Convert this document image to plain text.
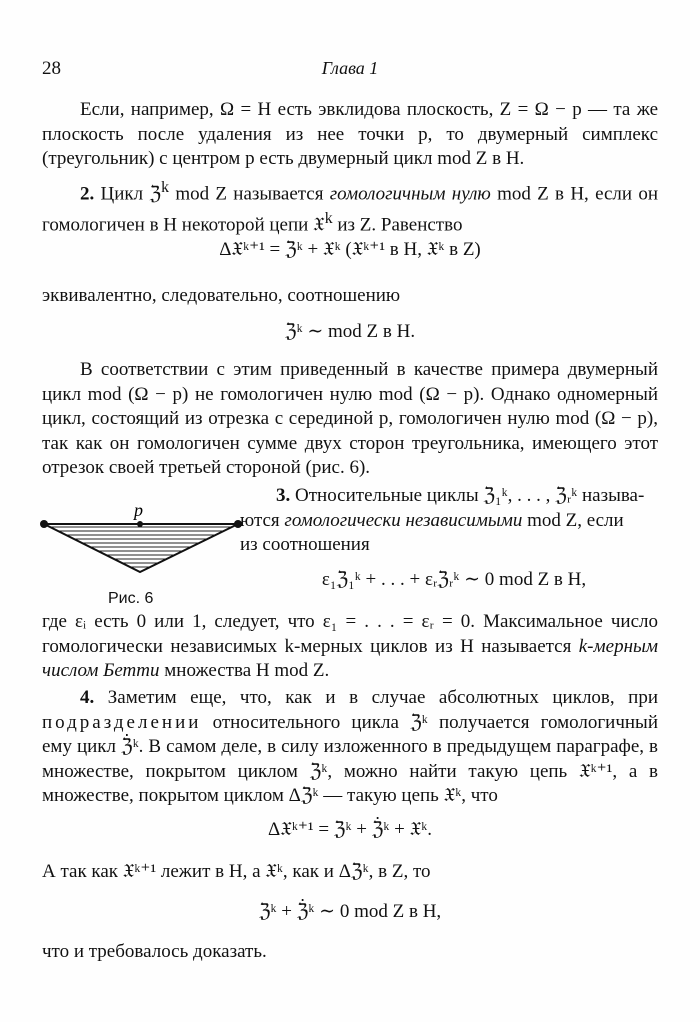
28	Глава 1
Если, например, Ω = H есть эвклидова плоскость, Z = Ω − p — та же плоскость после удаления из нее точки p, то двумерный симплекс (треугольник) с центром p есть двумерный цикл mod Z в H.
2. Цикл ℨ$^k$ mod Z называется гомологичным нулю mod Z в H, если он гомологичен в H некоторой цепи 𝔛$^k$ из Z. Равенство
Δ𝔛ᵏ⁺¹ = ℨᵏ + 𝔛ᵏ (𝔛ᵏ⁺¹ в H, 𝔛ᵏ в Z)
эквивалентно, следовательно, соотношению
ℨᵏ ∼ mod Z в H.
В соответствии с этим приведенный в качестве примера двумерный цикл mod (Ω − p) не гомологичен нулю mod (Ω − p). Однако одномерный цикл, состоящий из отрезка с серединой p, гомологичен нулю mod (Ω − p), так как он гомологичен сумме двух сторон треугольника, имеющего этот отрезок своей третьей стороной (рис. 6).
p
Рис. 6
3. Относительные циклы ℨ₁ᵏ, . . . , ℨᵣᵏ называ-
ются гомологически независимыми mod Z, если
из соотношения
ε₁ℨ₁ᵏ + . . . + εᵣℨᵣᵏ ∼ 0 mod Z в H,
где εᵢ есть 0 или 1, следует, что ε₁ = . . . = εᵣ = 0. Максимальное число гомологически независимых k-мерных циклов из H называется k-мерным числом Бетти множества H mod Z.
4. Заметим еще, что, как и в случае абсолютных циклов, при подразделении относительного цикла ℨᵏ получается гомологичный ему цикл ℨ̇ᵏ. В самом деле, в силу изложенного в предыдущем параграфе, в множестве, покрытом циклом ℨᵏ, можно найти такую цепь 𝔛ᵏ⁺¹, а в множестве, покрытом циклом Δℨᵏ — такую цепь 𝔛ᵏ, что
Δ𝔛ᵏ⁺¹ = ℨᵏ + ℨ̇ᵏ + 𝔛ᵏ.
А так как 𝔛ᵏ⁺¹ лежит в H, а 𝔛ᵏ, как и Δℨᵏ, в Z, то
ℨᵏ + ℨ̇ᵏ ∼ 0 mod Z в H,
что и требовалось доказать.
